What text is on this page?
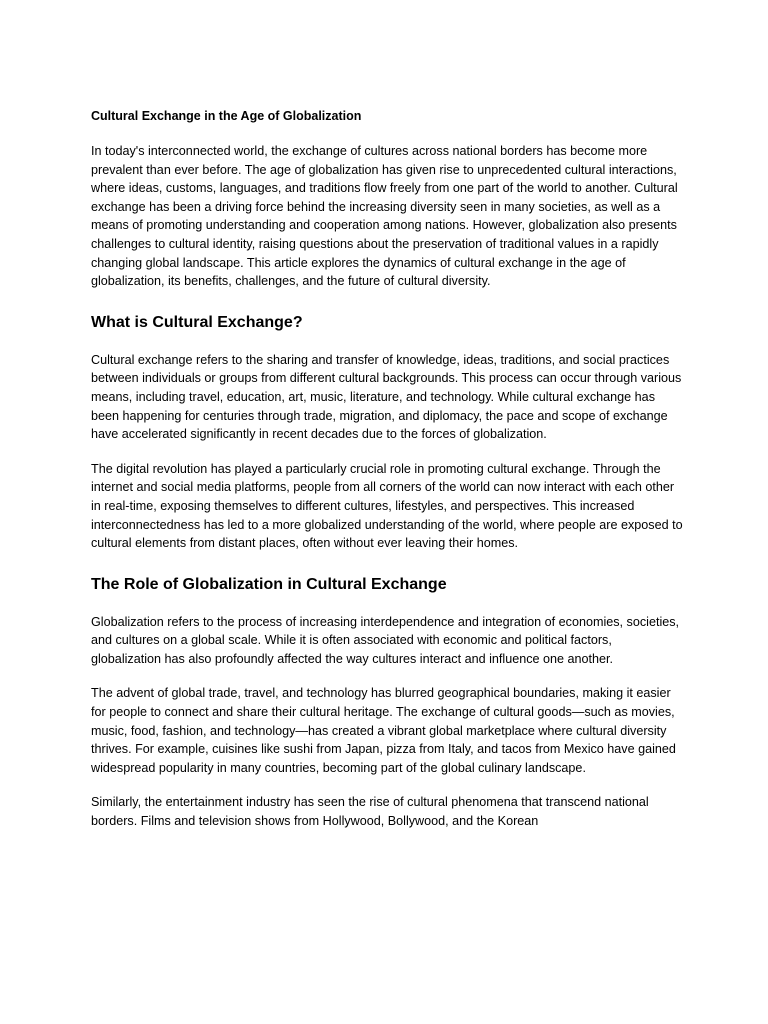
Cultural Exchange in the Age of Globalization

In today's interconnected world, the exchange of cultures across national borders has become more prevalent than ever before. The age of globalization has given rise to unprecedented cultural interactions, where ideas, customs, languages, and traditions flow freely from one part of the world to another. Cultural exchange has been a driving force behind the increasing diversity seen in many societies, as well as a means of promoting understanding and cooperation among nations. However, globalization also presents challenges to cultural identity, raising questions about the preservation of traditional values in a rapidly changing global landscape. This article explores the dynamics of cultural exchange in the age of globalization, its benefits, challenges, and the future of cultural diversity.

What is Cultural Exchange?

Cultural exchange refers to the sharing and transfer of knowledge, ideas, traditions, and social practices between individuals or groups from different cultural backgrounds. This process can occur through various means, including travel, education, art, music, literature, and technology. While cultural exchange has been happening for centuries through trade, migration, and diplomacy, the pace and scope of exchange have accelerated significantly in recent decades due to the forces of globalization.

The digital revolution has played a particularly crucial role in promoting cultural exchange. Through the internet and social media platforms, people from all corners of the world can now interact with each other in real-time, exposing themselves to different cultures, lifestyles, and perspectives. This increased interconnectedness has led to a more globalized understanding of the world, where people are exposed to cultural elements from distant places, often without ever leaving their homes.

The Role of Globalization in Cultural Exchange

Globalization refers to the process of increasing interdependence and integration of economies, societies, and cultures on a global scale. While it is often associated with economic and political factors, globalization has also profoundly affected the way cultures interact and influence one another.

The advent of global trade, travel, and technology has blurred geographical boundaries, making it easier for people to connect and share their cultural heritage. The exchange of cultural goods—such as movies, music, food, fashion, and technology—has created a vibrant global marketplace where cultural diversity thrives. For example, cuisines like sushi from Japan, pizza from Italy, and tacos from Mexico have gained widespread popularity in many countries, becoming part of the global culinary landscape.

Similarly, the entertainment industry has seen the rise of cultural phenomena that transcend national borders. Films and television shows from Hollywood, Bollywood, and the Korean
